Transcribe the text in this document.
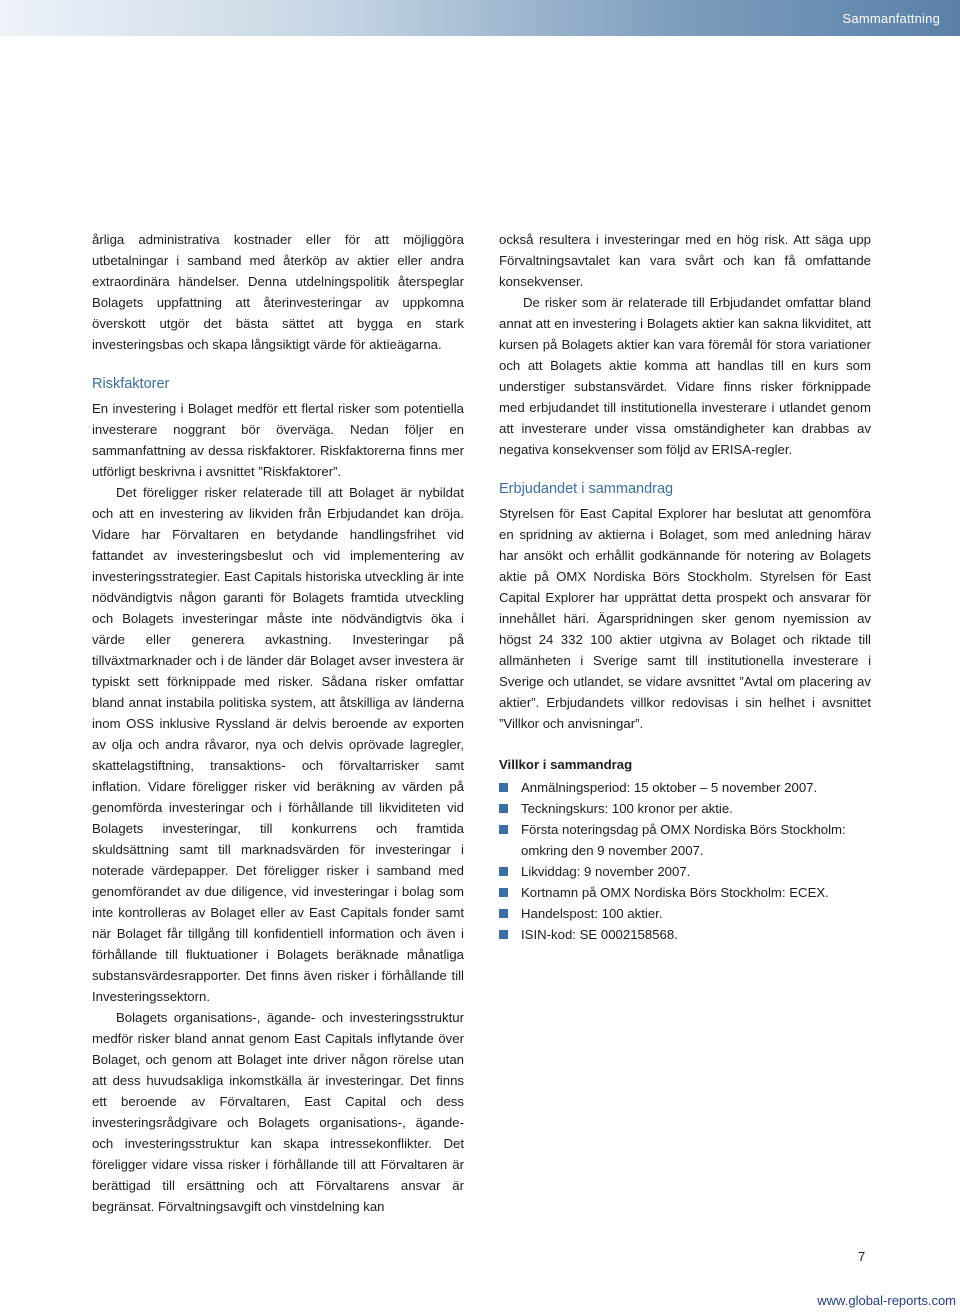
Sammanfattning

årliga administrativa kostnader eller för att möjliggöra utbetalningar i samband med återköp av aktier eller andra extraordinära händelser. Denna utdelningspolitik återspeglar Bolagets uppfattning att återinvesteringar av uppkomna överskott utgör det bästa sättet att bygga en stark investeringsbas och skapa långsiktigt värde för aktieägarna.

Riskfaktorer

En investering i Bolaget medför ett flertal risker som potentiella investerare noggrant bör överväga. Nedan följer en sammanfattning av dessa riskfaktorer. Riskfaktorerna finns mer utförligt beskrivna i avsnittet ”Riskfaktorer”.

Det föreligger risker relaterade till att Bolaget är nybildat och att en investering av likviden från Erbjudandet kan dröja. Vidare har Förvaltaren en betydande handlingsfrihet vid fattandet av investeringsbeslut och vid implementering av investeringsstrategier. East Capitals historiska utveckling är inte nödvändigtvis någon garanti för Bolagets framtida utveckling och Bolagets investeringar måste inte nödvändigtvis öka i värde eller generera avkastning. Investeringar på tillväxtmarknader och i de länder där Bolaget avser investera är typiskt sett förknippade med risker. Sådana risker omfattar bland annat instabila politiska system, att åtskilliga av länderna inom OSS inklusive Ryssland är delvis beroende av exporten av olja och andra råvaror, nya och delvis oprövade lagregler, skattelagstiftning, transaktions- och förvaltarrisker samt inflation. Vidare föreligger risker vid beräkning av värden på genomförda investeringar och i förhållande till likviditeten vid Bolagets investeringar, till konkurrens och framtida skuldsättning samt till marknadsvärden för investeringar i noterade värdepapper. Det föreligger risker i samband med genomförandet av due diligence, vid investeringar i bolag som inte kontrolleras av Bolaget eller av East Capitals fonder samt när Bolaget får tillgång till konfidentiell information och även i förhållande till fluktuationer i Bolagets beräknade månatliga substansvärdesrapporter. Det finns även risker i förhållande till Investeringssektorn.

Bolagets organisations-, ägande- och investeringsstruktur medför risker bland annat genom East Capitals inflytande över Bolaget, och genom att Bolaget inte driver någon rörelse utan att dess huvudsakliga inkomstkälla är investeringar. Det finns ett beroende av Förvaltaren, East Capital och dess investeringsrådgivare och Bolagets organisations-, ägande- och investeringsstruktur kan skapa intressekonflikter. Det föreligger vidare vissa risker i förhållande till att Förvaltaren är berättigad till ersättning och att Förvaltarens ansvar är begränsat. Förvaltningsavgift och vinstdelning kan

också resultera i investeringar med en hög risk. Att säga upp Förvaltningsavtalet kan vara svårt och kan få omfattande konsekvenser.

De risker som är relaterade till Erbjudandet omfattar bland annat att en investering i Bolagets aktier kan sakna likviditet, att kursen på Bolagets aktier kan vara föremål för stora variationer och att Bolagets aktie komma att handlas till en kurs som understiger substansvärdet. Vidare finns risker förknippade med erbjudandet till institutionella investerare i utlandet genom att investerare under vissa omständigheter kan drabbas av negativa konsekvenser som följd av ERISA-regler.

Erbjudandet i sammandrag

Styrelsen för East Capital Explorer har beslutat att genomföra en spridning av aktierna i Bolaget, som med anledning härav har ansökt och erhållit godkännande för notering av Bolagets aktie på OMX Nordiska Börs Stockholm. Styrelsen för East Capital Explorer har upprättat detta prospekt och ansvarar för innehållet häri. Ägarspridningen sker genom nyemission av högst 24 332 100 aktier utgivna av Bolaget och riktade till allmänheten i Sverige samt till institutionella investerare i Sverige och utlandet, se vidare avsnittet ”Avtal om placering av aktier”. Erbjudandets villkor redovisas i sin helhet i avsnittet ”Villkor och anvisningar”.

Villkor i sammandrag
Anmälningsperiod: 15 oktober – 5 november 2007.
Teckningskurs: 100 kronor per aktie.
Första noteringsdag på OMX Nordiska Börs Stockholm: omkring den 9 november 2007.
Likviddag: 9 november 2007.
Kortnamn på OMX Nordiska Börs Stockholm: ECEX.
Handelspost: 100 aktier.
ISIN-kod: SE 0002158568.
7
www.global-reports.com
